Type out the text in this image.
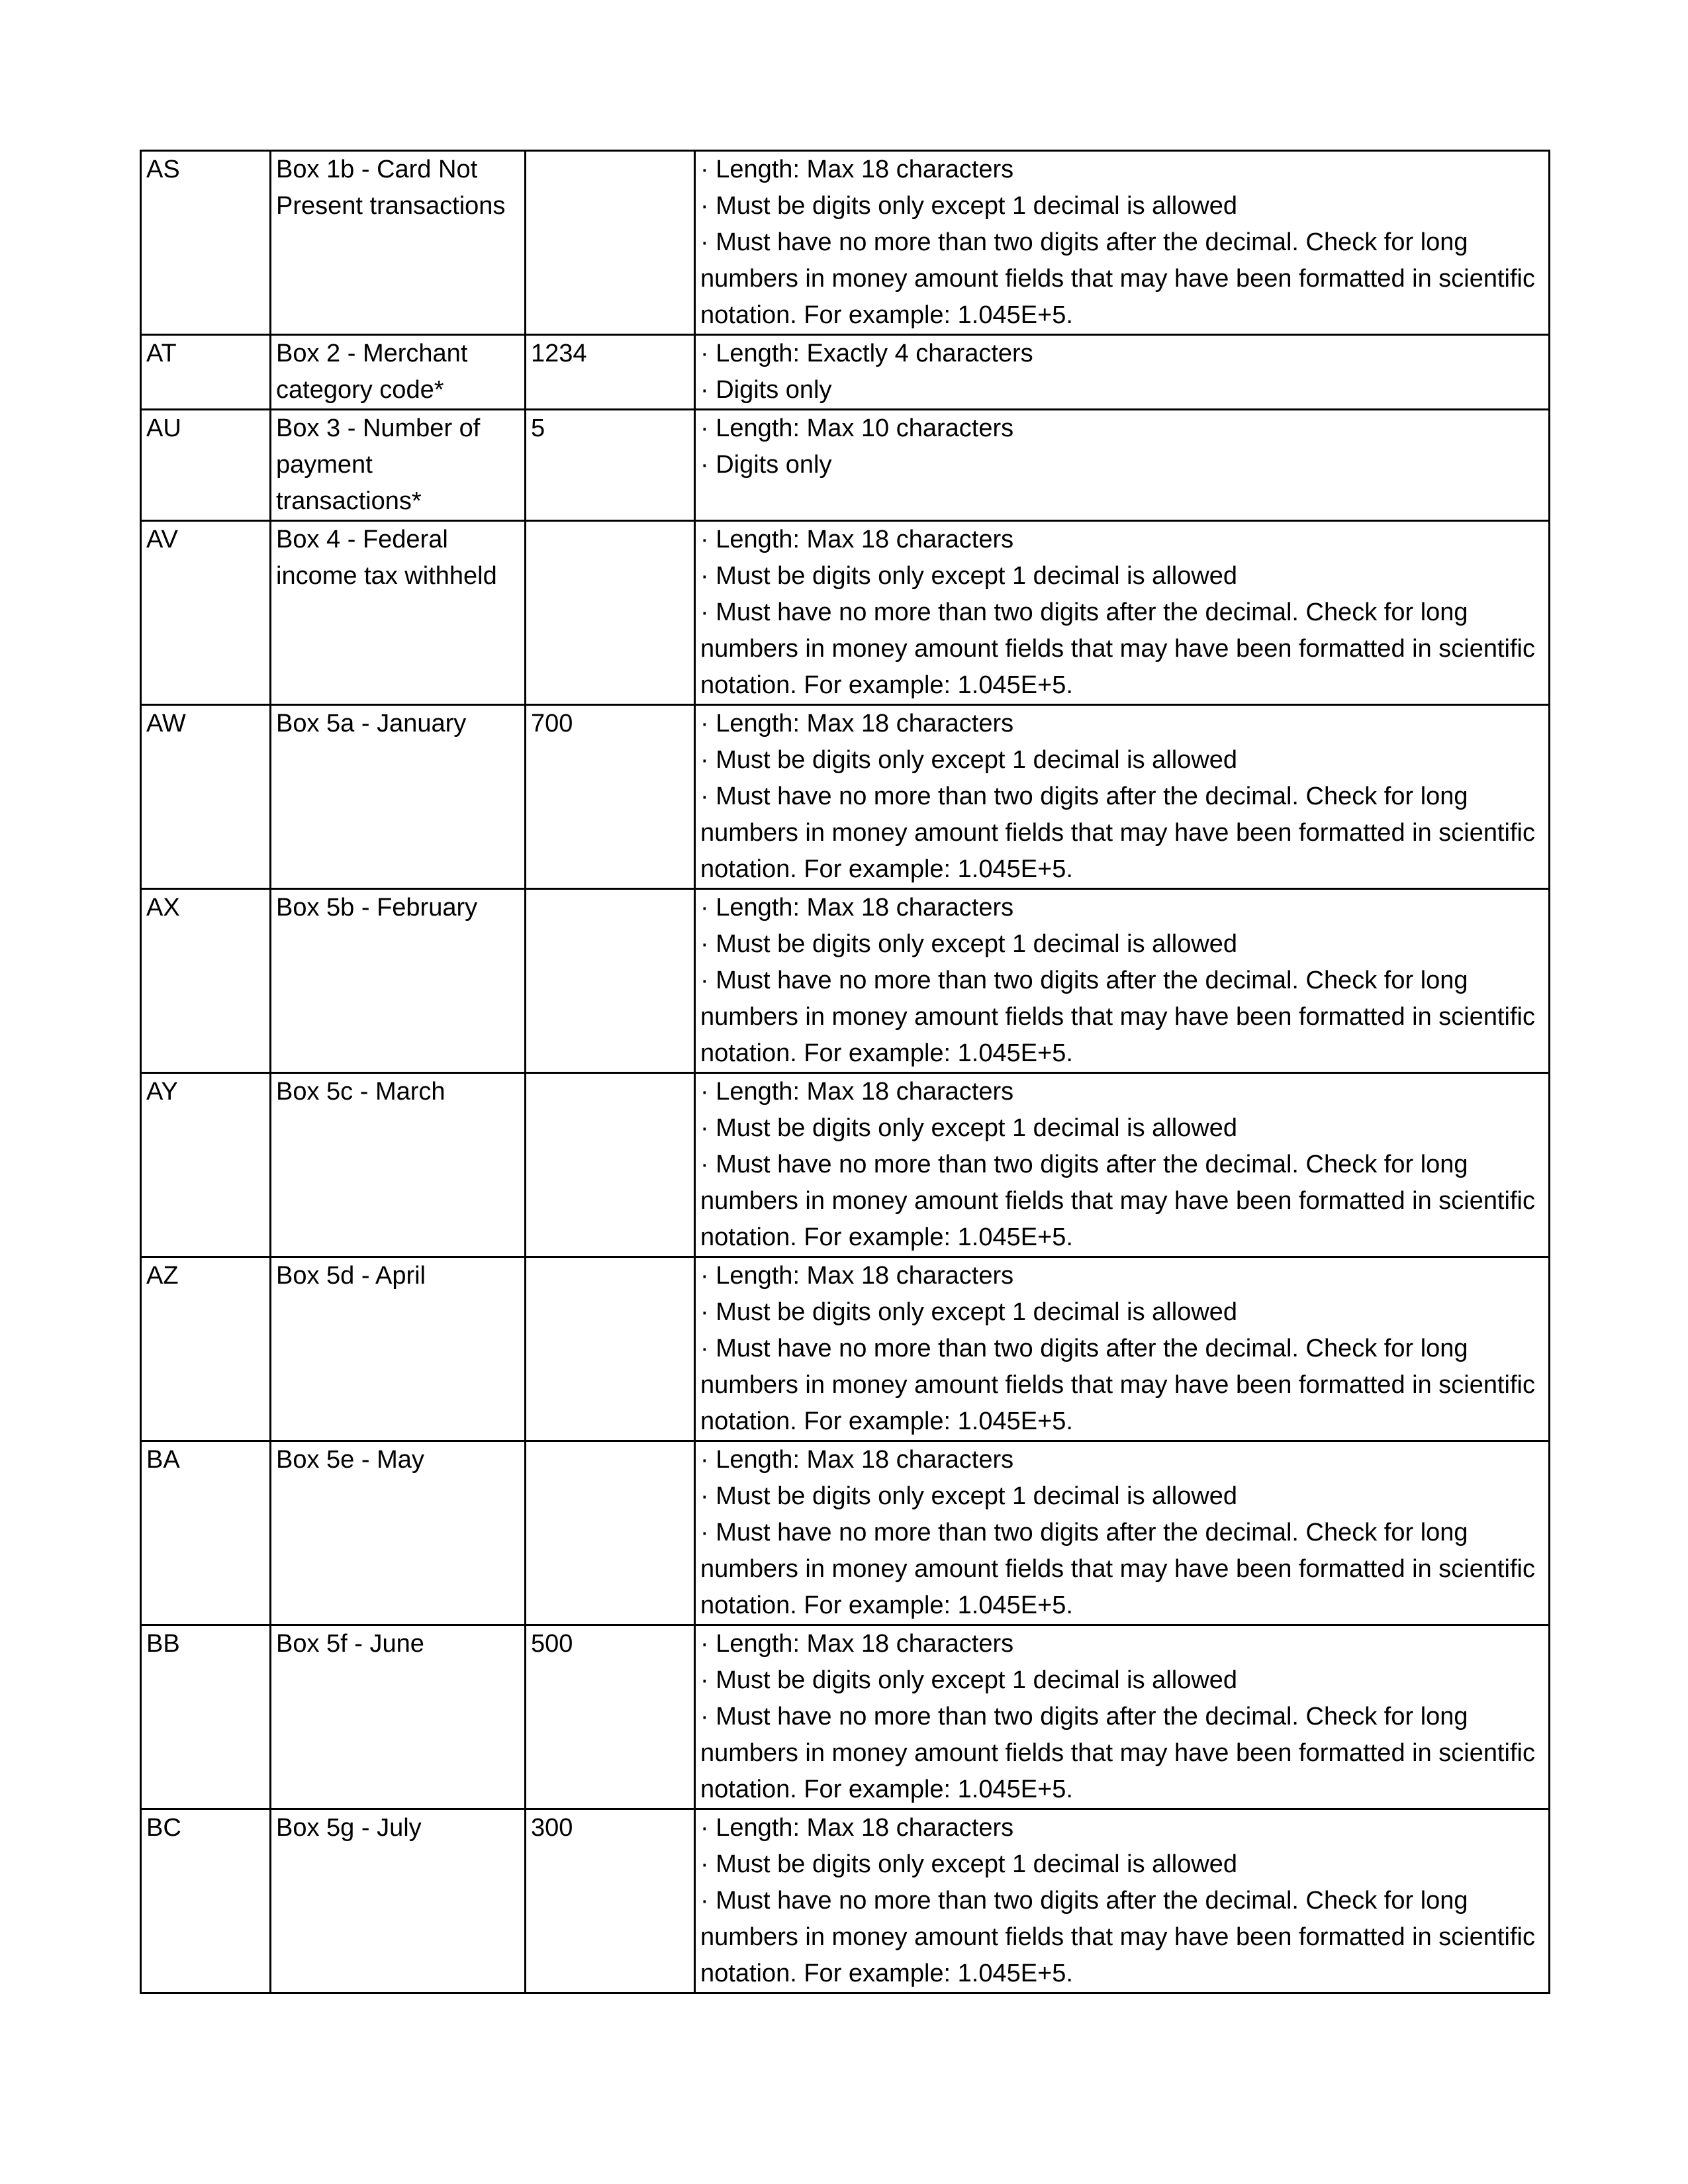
AS	Box 1b - Card Not Present transactions		· Length: Max 18 characters
· Must be digits only except 1 decimal is allowed
· Must have no more than two digits after the decimal. Check for long numbers in money amount fields that may have been formatted in scientific notation. For example: 1.045E+5.

AT	Box 2 - Merchant category code*	1234	· Length: Exactly 4 characters
· Digits only

AU	Box 3 - Number of payment transactions*	5	· Length: Max 10 characters
· Digits only

AV	Box 4 - Federal income tax withheld		· Length: Max 18 characters
· Must be digits only except 1 decimal is allowed
· Must have no more than two digits after the decimal. Check for long numbers in money amount fields that may have been formatted in scientific notation. For example: 1.045E+5.

AW	Box 5a - January	700	· Length: Max 18 characters
· Must be digits only except 1 decimal is allowed
· Must have no more than two digits after the decimal. Check for long numbers in money amount fields that may have been formatted in scientific notation. For example: 1.045E+5.

AX	Box 5b - February		· Length: Max 18 characters
· Must be digits only except 1 decimal is allowed
· Must have no more than two digits after the decimal. Check for long numbers in money amount fields that may have been formatted in scientific notation. For example: 1.045E+5.

AY	Box 5c - March		· Length: Max 18 characters
· Must be digits only except 1 decimal is allowed
· Must have no more than two digits after the decimal. Check for long numbers in money amount fields that may have been formatted in scientific notation. For example: 1.045E+5.

AZ	Box 5d - April		· Length: Max 18 characters
· Must be digits only except 1 decimal is allowed
· Must have no more than two digits after the decimal. Check for long numbers in money amount fields that may have been formatted in scientific notation. For example: 1.045E+5.

BA	Box 5e - May		· Length: Max 18 characters
· Must be digits only except 1 decimal is allowed
· Must have no more than two digits after the decimal. Check for long numbers in money amount fields that may have been formatted in scientific notation. For example: 1.045E+5.

BB	Box 5f - June	500	· Length: Max 18 characters
· Must be digits only except 1 decimal is allowed
· Must have no more than two digits after the decimal. Check for long numbers in money amount fields that may have been formatted in scientific notation. For example: 1.045E+5.

BC	Box 5g - July	300	· Length: Max 18 characters
· Must be digits only except 1 decimal is allowed
· Must have no more than two digits after the decimal. Check for long numbers in money amount fields that may have been formatted in scientific notation. For example: 1.045E+5.
